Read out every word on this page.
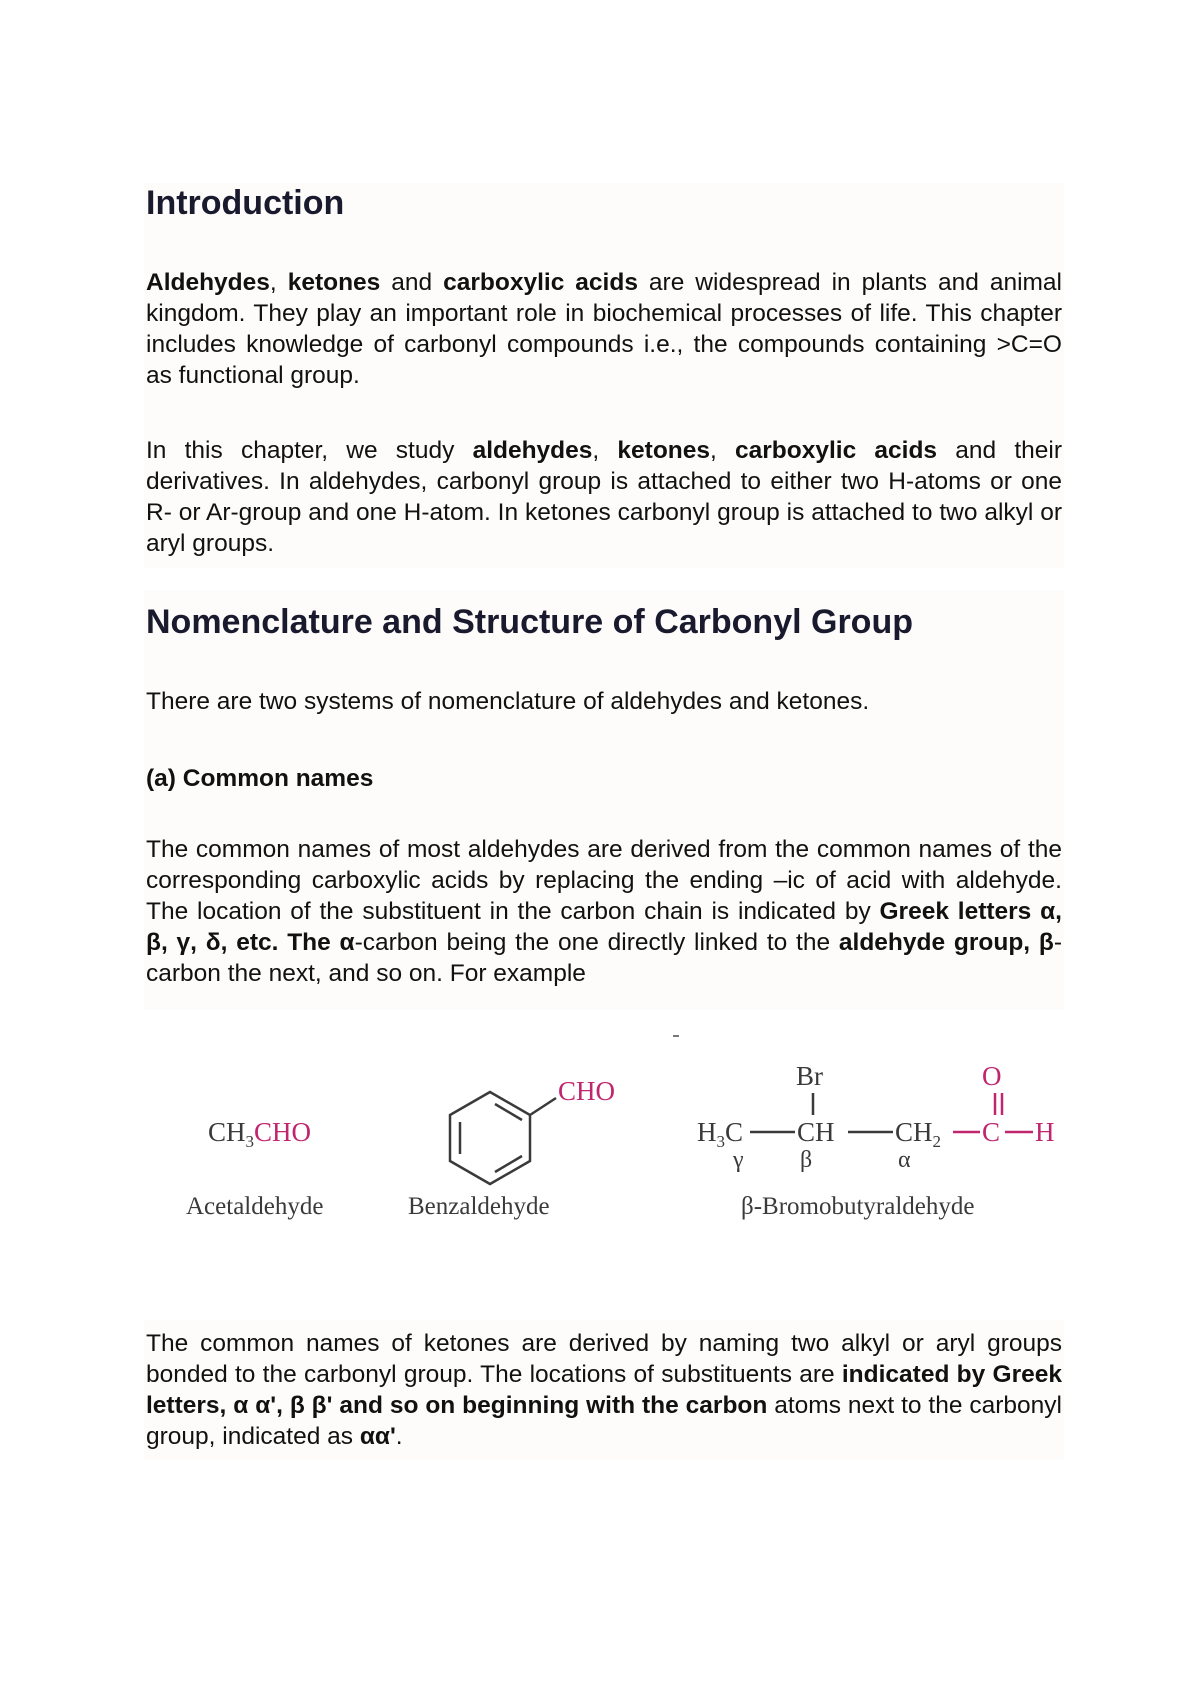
Introduction

Aldehydes, ketones and carboxylic acids are widespread in plants and animal kingdom. They play an important role in biochemical processes of life. This chapter includes knowledge of carbonyl compounds i.e., the compounds containing >C=O as functional group.

In this chapter, we study aldehydes, ketones, carboxylic acids and their derivatives. In aldehydes, carbonyl group is attached to either two H-atoms or one R- or Ar-group and one H-atom. In ketones carbonyl group is attached to two alkyl or aryl groups.

Nomenclature and Structure of Carbonyl Group

There are two systems of nomenclature of aldehydes and ketones.

(a) Common names

The common names of most aldehydes are derived from the common names of the corresponding carboxylic acids by replacing the ending –ic of acid with aldehyde. The location of the substituent in the carbon chain is indicated by Greek letters α, β, γ, δ, etc. The α-carbon being the one directly linked to the aldehyde group, β-carbon the next, and so on. For example

$CH_3CHO$
Acetaldehyde
CHO
Benzaldehyde
$H_3C$ CH
Br
$CH_2$ C
O
H
γ β	α
β-Bromobutyraldehyde

The common names of ketones are derived by naming two alkyl or aryl groups bonded to the carbonyl group. The locations of substituents are indicated by Greek letters, α α', β β' and so on beginning with the carbon atoms next to the carbonyl group, indicated as αα'.
